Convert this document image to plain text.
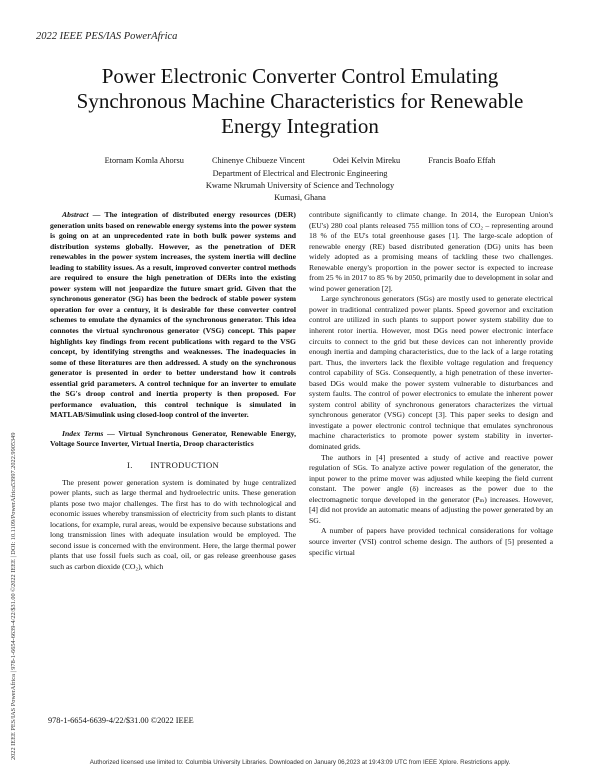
2022 IEEE PES/IAS PowerAfrica
Power Electronic Converter Control Emulating
Synchronous Machine Characteristics for Renewable
Energy Integration
Etornam Komla Ahorsu	Chinenye Chibueze Vincent	Odei Kelvin Mireku	Francis Boafo Effah
Department of Electrical and Electronic Engineering
Kwame Nkrumah University of Science and Technology
Kumasi, Ghana
2022 IEEE PES/IAS PowerAfrica | 978-1-6654-6639-4/22/$31.00 ©2022 IEEE | DOI: 10.1109/PowerAfrica53997.2022.9905349

Abstract — The integration of distributed energy resources (DER) generation units based on renewable energy systems into the power system is going on at an unprecedented rate in both bulk power systems and distribution systems globally. However, as the penetration of DER renewables in the power system increases, the system inertia will decline leading to stability issues. As a result, improved converter control methods are required to ensure the high penetration of DERs into the existing power system will not jeopardize the future smart grid. Given that the synchronous generator (SG) has been the bedrock of stable power system operation for over a century, it is desirable for these converter control schemes to emulate the dynamics of the synchronous generator. This idea connotes the virtual synchronous generator (VSG) concept. This paper highlights key findings from recent publications with regard to the VSG concept, by identifying strengths and weaknesses. The inadequacies in some of these literatures are then addressed. A study on the synchronous generator is presented in order to better understand how it controls essential grid parameters. A control technique for an inverter to emulate the SG's droop control and inertia property is then proposed. For performance evaluation, this control technique is simulated in MATLAB/Simulink using closed-loop control of the inverter.

Index Terms — Virtual Synchronous Generator, Renewable Energy, Voltage Source Inverter, Virtual Inertia, Droop characteristics

I.  INTRODUCTION

The present power generation system is dominated by huge centralized power plants, such as large thermal and hydroelectric units. These generation plants pose two major challenges. The first has to do with technological and economic issues whereby transmission of electricity from such plants to distant locations, for example, rural areas, would be expensive because substations and long transmission lines with adequate insulation would be employed. The second issue is concerned with the environment. Here, the large thermal power plants that use fossil fuels such as coal, oil, or gas release greenhouse gases such as carbon dioxide (CO₂), which

contribute significantly to climate change. In 2014, the European Union's (EU's) 280 coal plants released 755 million tons of CO₂ – representing around 18 % of the EU's total greenhouse gases [1]. The large-scale adoption of renewable energy (RE) based distributed generation (DG) units has been widely adopted as a promising means of tackling these two challenges. Renewable energy's proportion in the power sector is expected to increase from 25 % in 2017 to 85 % by 2050, primarily due to development in solar and wind power generation [2].

Large synchronous generators (SGs) are mostly used to generate electrical power in traditional centralized power plants. Speed governor and excitation control are utilized in such plants to support power system stability due to inherent rotor inertia. However, most DGs need power electronic interface circuits to connect to the grid but these devices can not inherently provide enough inertia and damping characteristics, due to the lack of a large rotating part. Thus, the inverters lack the flexible voltage regulation and frequency control capability of SGs. Consequently, a high penetration of these inverter-based DGs would make the power system vulnerable to disturbances and system faults. The control of power electronics to emulate the inherent power system control ability of synchronous generators characterizes the virtual synchronous generator (VSG) concept [3]. This paper seeks to design and investigate a power electronic control technique that emulates synchronous machine characteristics to promote power system stability in inverter-dominated grids.

The authors in [4] presented a study of active and reactive power regulation of SGs. To analyze active power regulation of the generator, the input power to the prime mover was adjusted while keeping the field current constant. The power angle (δ) increases as the power due to the electromagnetic torque developed in the generator (Pₘ) increases. However, [4] did not provide an automatic means of adjusting the power generated by an SG.

A number of papers have provided technical considerations for voltage source inverter (VSI) control scheme design. The authors of [5] presented a specific virtual

978-1-6654-6639-4/22/$31.00 ©2022 IEEE
Authorized licensed use limited to: Columbia University Libraries. Downloaded on January 06,2023 at 19:43:09 UTC from IEEE Xplore. Restrictions apply.
